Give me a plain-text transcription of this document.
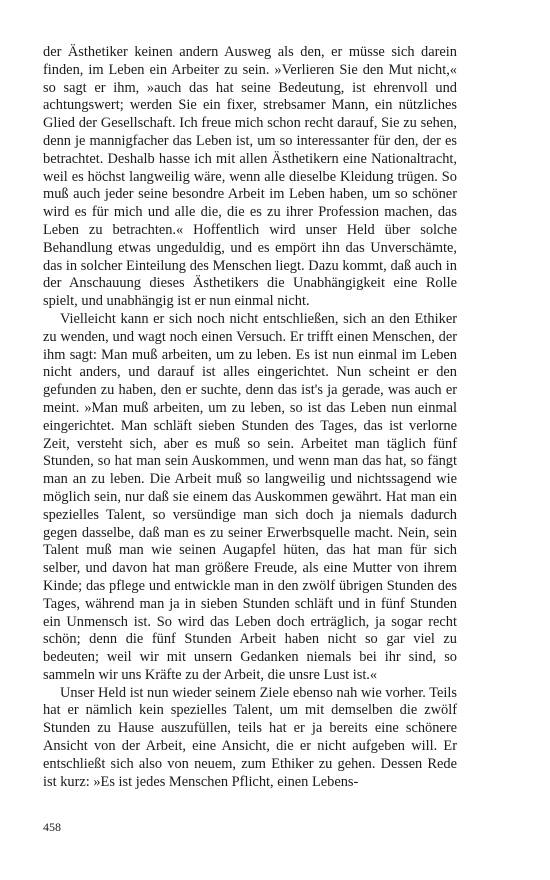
der Ästhetiker keinen andern Ausweg als den, er müsse sich darein finden, im Leben ein Arbeiter zu sein. »Verlieren Sie den Mut nicht,« so sagt er ihm, »auch das hat seine Bedeutung, ist ehrenvoll und achtungswert; werden Sie ein fixer, strebsamer Mann, ein nützliches Glied der Gesellschaft. Ich freue mich schon recht darauf, Sie zu sehen, denn je mannigfacher das Leben ist, um so interessanter für den, der es betrachtet. Deshalb hasse ich mit allen Ästhetikern eine Nationaltracht, weil es höchst langweilig wäre, wenn alle dieselbe Kleidung trügen. So muß auch jeder seine besondre Arbeit im Leben haben, um so schöner wird es für mich und alle die, die es zu ihrer Profession machen, das Leben zu betrachten.« Hoffentlich wird unser Held über solche Behandlung etwas ungeduldig, und es empört ihn das Unverschämte, das in solcher Einteilung des Menschen liegt. Dazu kommt, daß auch in der Anschauung dieses Ästhetikers die Unabhängigkeit eine Rolle spielt, und unabhängig ist er nun einmal nicht.

Vielleicht kann er sich noch nicht entschließen, sich an den Ethiker zu wenden, und wagt noch einen Versuch. Er trifft einen Menschen, der ihm sagt: Man muß arbeiten, um zu leben. Es ist nun einmal im Leben nicht anders, und darauf ist alles eingerichtet. Nun scheint er den gefunden zu haben, den er suchte, denn das ist's ja gerade, was auch er meint. »Man muß arbeiten, um zu leben, so ist das Leben nun einmal eingerichtet. Man schläft sieben Stunden des Tages, das ist verlorne Zeit, versteht sich, aber es muß so sein. Arbeitet man täglich fünf Stunden, so hat man sein Auskommen, und wenn man das hat, so fängt man an zu leben. Die Arbeit muß so langweilig und nichtssagend wie möglich sein, nur daß sie einem das Auskommen gewährt. Hat man ein spezielles Talent, so versündige man sich doch ja niemals dadurch gegen dasselbe, daß man es zu seiner Erwerbsquelle macht. Nein, sein Talent muß man wie seinen Augapfel hüten, das hat man für sich selber, und davon hat man größere Freude, als eine Mutter von ihrem Kinde; das pflege und entwickle man in den zwölf übrigen Stunden des Tages, während man ja in sieben Stunden schläft und in fünf Stunden ein Unmensch ist. So wird das Leben doch erträglich, ja sogar recht schön; denn die fünf Stunden Arbeit haben nicht so gar viel zu bedeuten; weil wir mit unsern Gedanken niemals bei ihr sind, so sammeln wir uns Kräfte zu der Arbeit, die unsre Lust ist.«

Unser Held ist nun wieder seinem Ziele ebenso nah wie vorher. Teils hat er nämlich kein spezielles Talent, um mit demselben die zwölf Stunden zu Hause auszufüllen, teils hat er ja bereits eine schönere Ansicht von der Arbeit, eine Ansicht, die er nicht aufgeben will. Er entschließt sich also von neuem, zum Ethiker zu gehen. Dessen Rede ist kurz: »Es ist jedes Menschen Pflicht, einen Lebens-

458
